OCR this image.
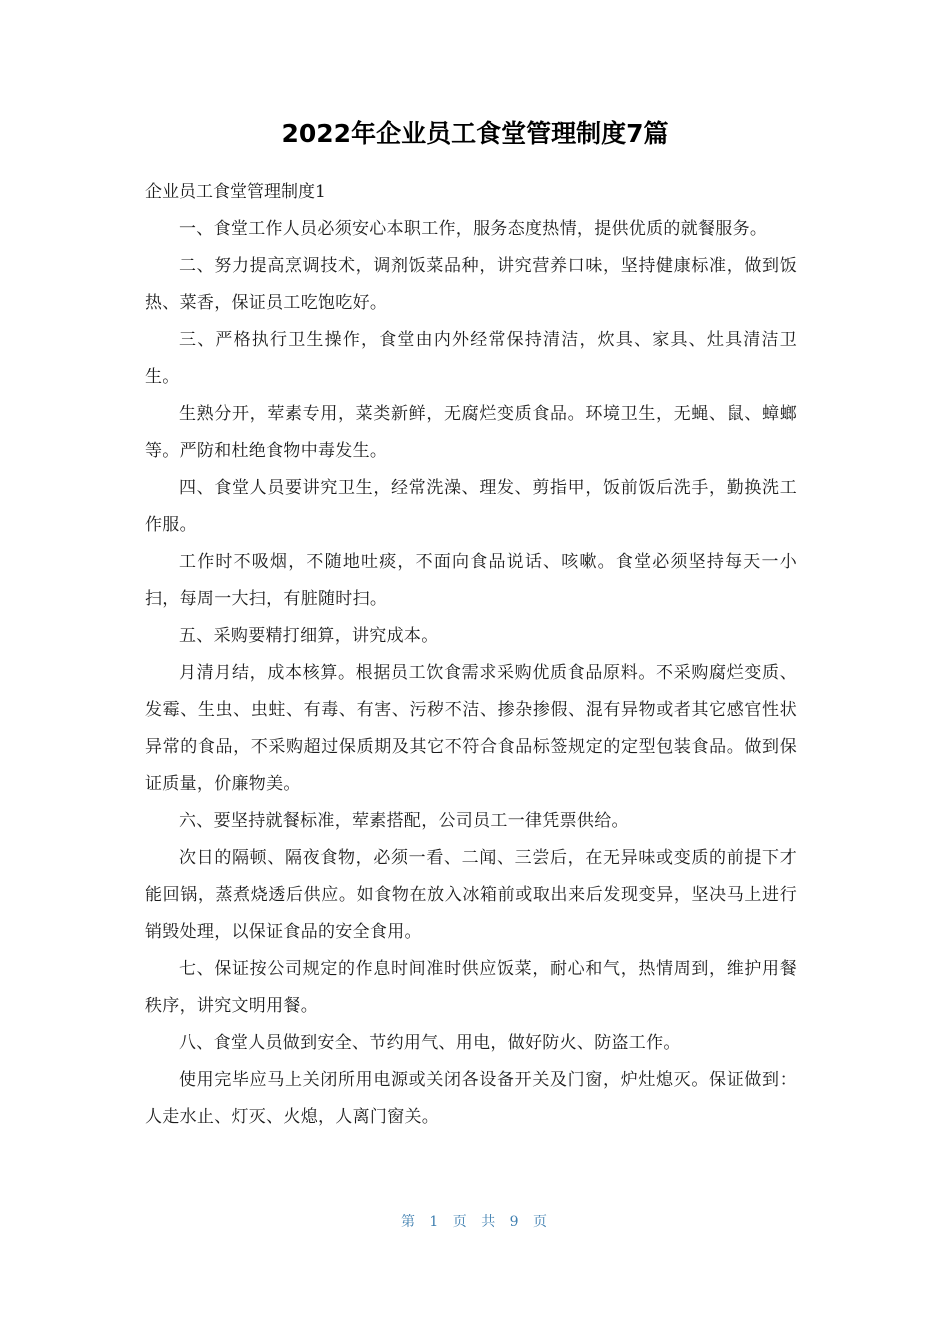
2022年企业员工食堂管理制度7篇

企业员工食堂管理制度1

一、食堂工作人员必须安心本职工作，服务态度热情，提供优质的就餐服务。

二、努力提高烹调技术，调剂饭菜品种，讲究营养口味，坚持健康标准，做到饭热、菜香，保证员工吃饱吃好。

三、严格执行卫生操作，食堂由内外经常保持清洁，炊具、家具、灶具清洁卫生。

生熟分开，荤素专用，菜类新鲜，无腐烂变质食品。环境卫生，无蝇、鼠、蟑螂等。严防和杜绝食物中毒发生。

四、食堂人员要讲究卫生，经常洗澡、理发、剪指甲，饭前饭后洗手，勤换洗工作服。

工作时不吸烟，不随地吐痰，不面向食品说话、咳嗽。食堂必须坚持每天一小扫，每周一大扫，有脏随时扫。

五、采购要精打细算，讲究成本。

月清月结，成本核算。根据员工饮食需求采购优质食品原料。不采购腐烂变质、发霉、生虫、虫蛀、有毒、有害、污秽不洁、掺杂掺假、混有异物或者其它感官性状异常的食品，不采购超过保质期及其它不符合食品标签规定的定型包装食品。做到保证质量，价廉物美。

六、要坚持就餐标准，荤素搭配，公司员工一律凭票供给。

次日的隔顿、隔夜食物，必须一看、二闻、三尝后，在无异味或变质的前提下才能回锅，蒸煮烧透后供应。如食物在放入冰箱前或取出来后发现变异，坚决马上进行销毁处理，以保证食品的安全食用。

七、保证按公司规定的作息时间准时供应饭菜，耐心和气，热情周到，维护用餐秩序，讲究文明用餐。

八、食堂人员做到安全、节约用气、用电，做好防火、防盗工作。

使用完毕应马上关闭所用电源或关闭各设备开关及门窗，炉灶熄灭。保证做到：人走水止、灯灭、火熄，人离门窗关。

第 1 页 共 9 页
